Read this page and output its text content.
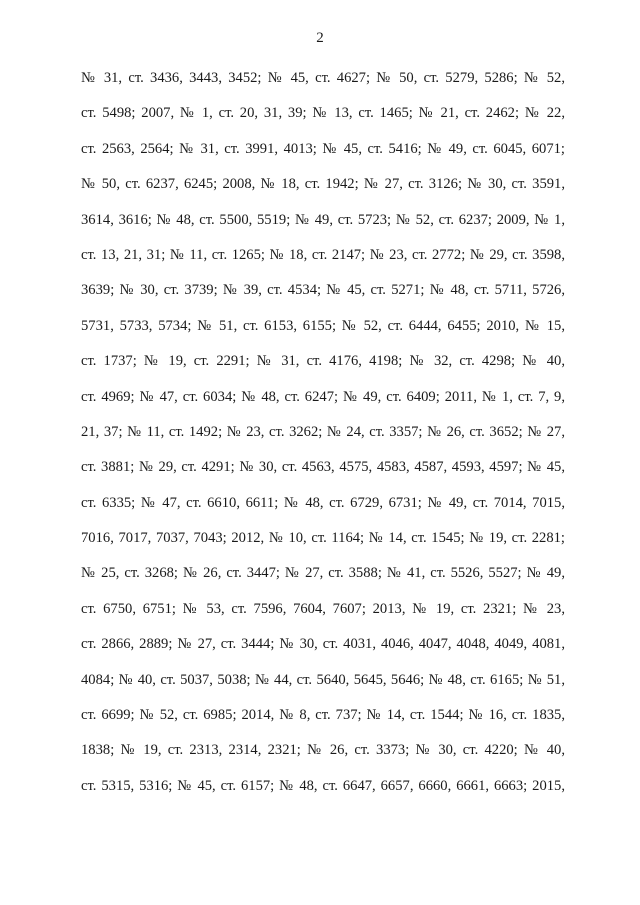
2
№ 31, ст. 3436, 3443, 3452; № 45, ст. 4627; № 50, ст. 5279, 5286; № 52,
ст. 5498; 2007, № 1, ст. 20, 31, 39; № 13, ст. 1465; № 21, ст. 2462; № 22,
ст. 2563, 2564; № 31, ст. 3991, 4013; № 45, ст. 5416; № 49, ст. 6045, 6071;
№ 50, ст. 6237, 6245; 2008, № 18, ст. 1942; № 27, ст. 3126; № 30, ст. 3591,
3614, 3616; № 48, ст. 5500, 5519; № 49, ст. 5723; № 52, ст. 6237; 2009, № 1,
ст. 13, 21, 31; № 11, ст. 1265; № 18, ст. 2147; № 23, ст. 2772; № 29, ст. 3598,
3639; № 30, ст. 3739; № 39, ст. 4534; № 45, ст. 5271; № 48, ст. 5711, 5726,
5731, 5733, 5734; № 51, ст. 6153, 6155; № 52, ст. 6444, 6455; 2010, № 15,
ст. 1737; № 19, ст. 2291; № 31, ст. 4176, 4198; № 32, ст. 4298; № 40,
ст. 4969; № 47, ст. 6034; № 48, ст. 6247; № 49, ст. 6409; 2011, № 1, ст. 7, 9,
21, 37; № 11, ст. 1492; № 23, ст. 3262; № 24, ст. 3357; № 26, ст. 3652; № 27,
ст. 3881; № 29, ст. 4291; № 30, ст. 4563, 4575, 4583, 4587, 4593, 4597; № 45,
ст. 6335; № 47, ст. 6610, 6611; № 48, ст. 6729, 6731; № 49, ст. 7014, 7015,
7016, 7017, 7037, 7043; 2012, № 10, ст. 1164; № 14, ст. 1545; № 19, ст. 2281;
№ 25, ст. 3268; № 26, ст. 3447; № 27, ст. 3588; № 41, ст. 5526, 5527; № 49,
ст. 6750, 6751; № 53, ст. 7596, 7604, 7607; 2013, № 19, ст. 2321; № 23,
ст. 2866, 2889; № 27, ст. 3444; № 30, ст. 4031, 4046, 4047, 4048, 4049, 4081,
4084; № 40, ст. 5037, 5038; № 44, ст. 5640, 5645, 5646; № 48, ст. 6165; № 51,
ст. 6699; № 52, ст. 6985; 2014, № 8, ст. 737; № 14, ст. 1544; № 16, ст. 1835,
1838; № 19, ст. 2313, 2314, 2321; № 26, ст. 3373; № 30, ст. 4220; № 40,
ст. 5315, 5316; № 45, ст. 6157; № 48, ст. 6647, 6657, 6660, 6661, 6663; 2015,
